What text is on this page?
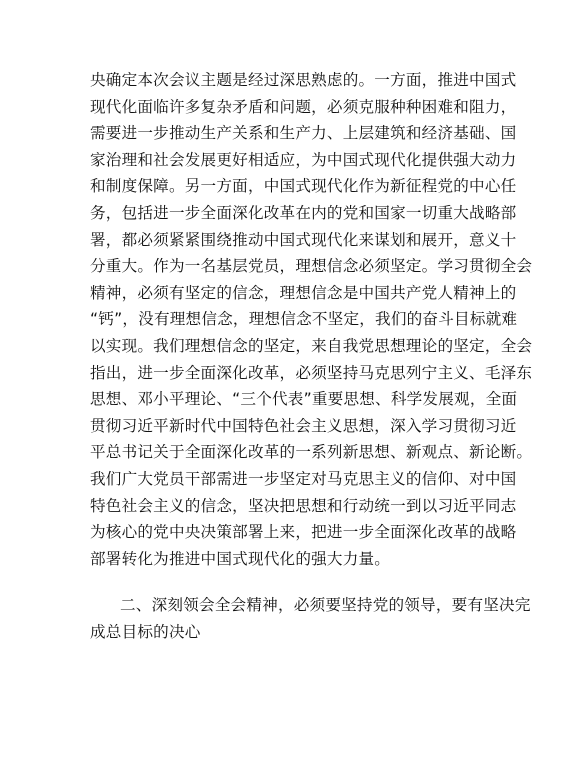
央确定本次会议主题是经过深思熟虑的。一方面，推进中国式
现代化面临许多复杂矛盾和问题，必须克服种种困难和阻力，
需要进一步推动生产关系和生产力、上层建筑和经济基础、国
家治理和社会发展更好相适应，为中国式现代化提供强大动力
和制度保障。另一方面，中国式现代化作为新征程党的中心任
务，包括进一步全面深化改革在内的党和国家一切重大战略部
署，都必须紧紧围绕推动中国式现代化来谋划和展开，意义十
分重大。作为一名基层党员，理想信念必须坚定。学习贯彻全会
精神，必须有坚定的信念，理想信念是中国共产党人精神上的
“钙”，没有理想信念，理想信念不坚定，我们的奋斗目标就难
以实现。我们理想信念的坚定，来自我党思想理论的坚定，全会
指出，进一步全面深化改革，必须坚持马克思列宁主义、毛泽东
思想、邓小平理论、“三个代表”重要思想、科学发展观，全面
贯彻习近平新时代中国特色社会主义思想，深入学习贯彻习近
平总书记关于全面深化改革的一系列新思想、新观点、新论断。
我们广大党员干部需进一步坚定对马克思主义的信仰、对中国
特色社会主义的信念，坚决把思想和行动统一到以习近平同志
为核心的党中央决策部署上来，把进一步全面深化改革的战略
部署转化为推进中国式现代化的强大力量。
二、深刻领会全会精神，必须要坚持党的领导，要有坚决完
成总目标的决心
